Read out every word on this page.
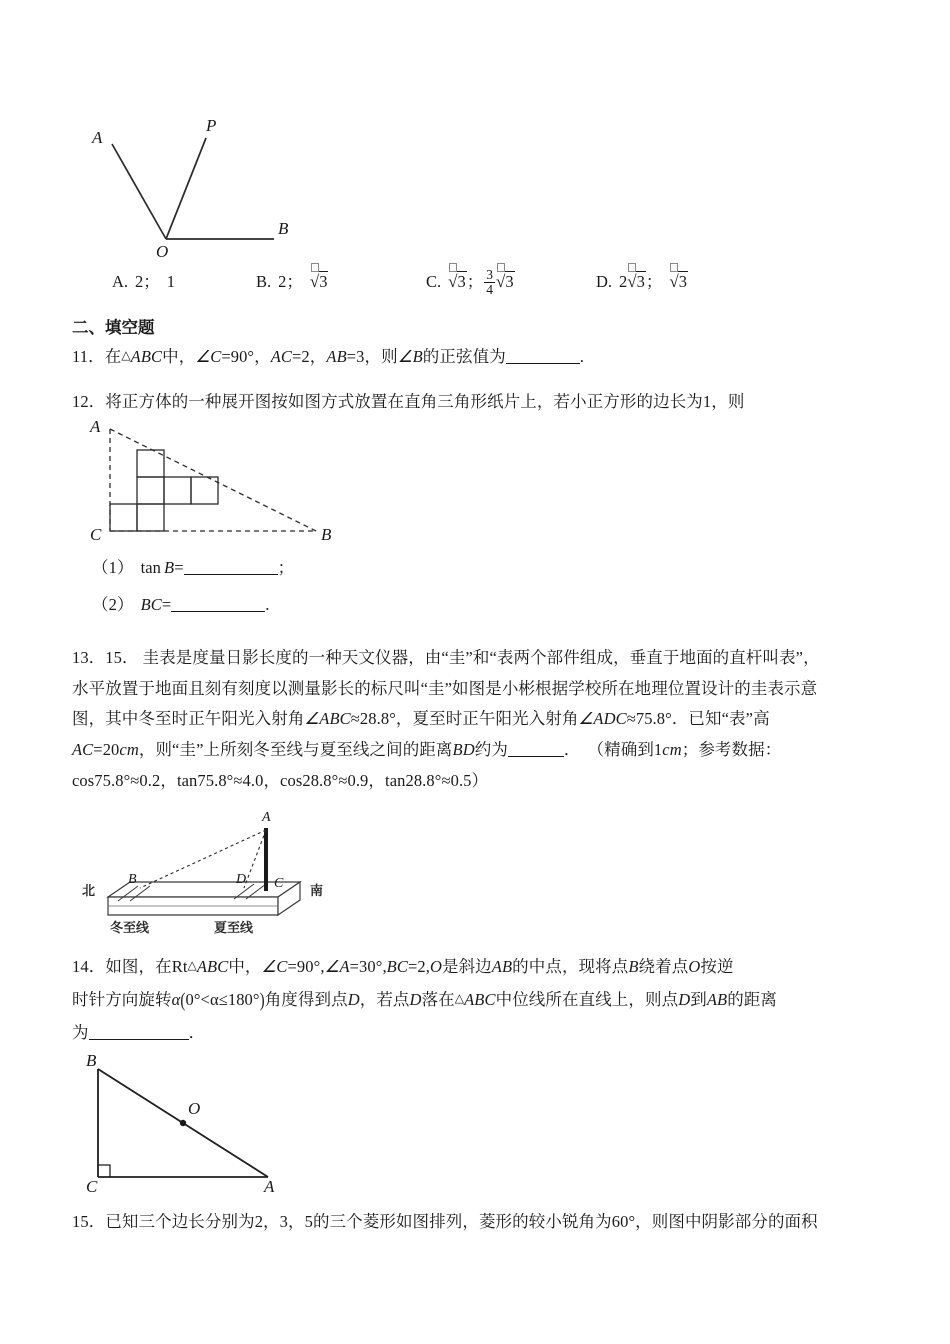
A
P
O
B
A. 2； 1	B. 2； √3	C. √3； $\frac{3}{4} √3$	D. 2
√3； √3
二、填空题
11．在△ABC中，∠C=90°，AC=2，AB=3，则∠B的正弦值为	.
12．将正方体的一种展开图按如图方式放置在直角三角形纸片上，若小正方形的边长为1，则
A
C	B
（1） tan B=	；
（2） BC=	.
13．15． 圭表是度量日影长度的一种天文仪器，由“圭”和“表两个部件组成，垂直于地面的直杆叫表”，
水平放置于地面且刻有刻度以测量影长的标尺叫“圭”如图是小彬根据学校所在地理位置设计的圭表示意
图，其中冬至时正午阳光入射角∠ABC≈28.8°，夏至时正午阳光入射角∠ADC≈75.8°．已知“表”高
AC=20cm，则“圭”上所刻冬至线与夏至线之间的距离BD约为	． （精确到1cm；参考数据：
cos75.8°≈0.2，tan75.8°≈4.0，cos28.8°≈0.9，tan28.8°≈0.5）
A
B	D C
北	南
冬至线	夏至线
14．如图，在Rt△ABC中，∠C=90°,∠A=30°,BC=2,O是斜边AB的中点，现将点B绕着点O按逆
时针方向旋转α(0°<α≤180°)角度得到点D，若点D落在△ABC中位线所在直线上，则点D到AB的距离
为	．
B
C	A
O
15．已知三个边长分别为2，3，5的三个菱形如图排列，菱形的较小锐角为60°，则图中阴影部分的面积
